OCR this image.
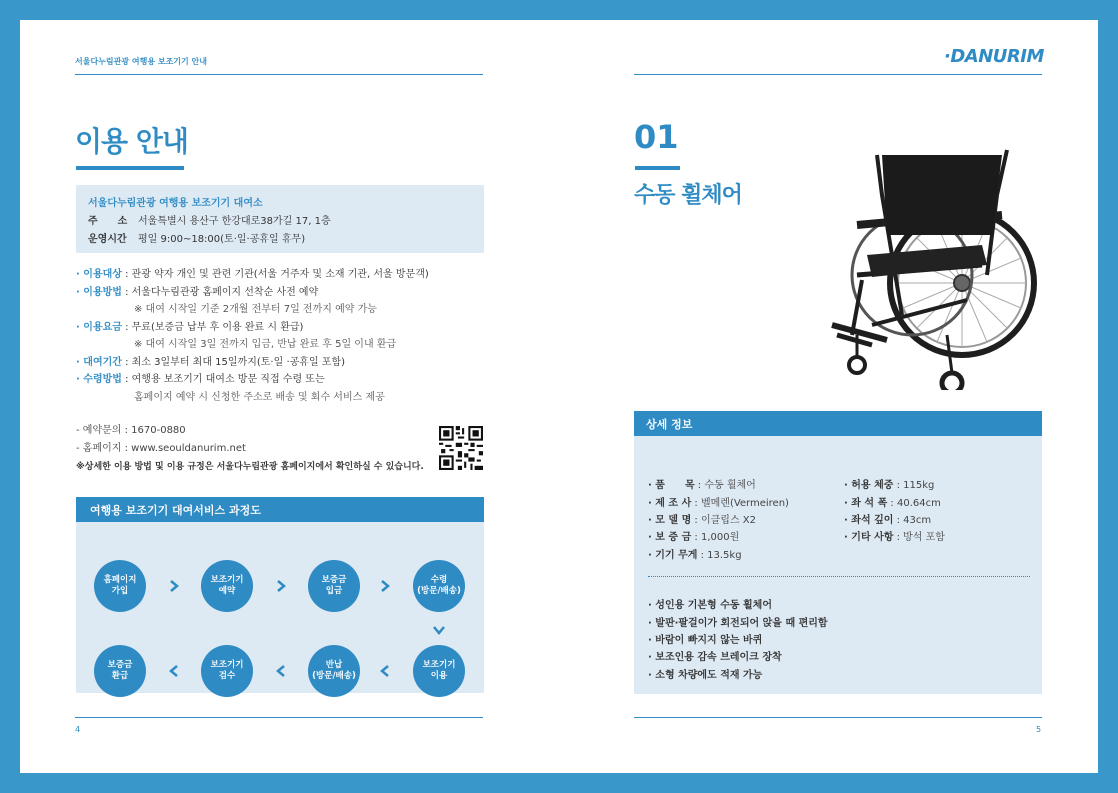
서울다누림관광 여행용 보조기기 안내
이용 안내
서울다누림관광 여행용 보조기기 대여소
주　　소 서울특별시 용산구 한강대로38가길 17, 1층
운영시간 평일 9:00~18:00(토·일·공휴일 휴무)
· 이용대상 : 관광 약자 개인 및 관련 기관(서울 거주자 및 소재 기관, 서울 방문객)
· 이용방법 : 서울다누림관광 홈페이지 선착순 사전 예약
※ 대여 시작일 기준 2개월 전부터 7일 전까지 예약 가능
· 이용요금 : 무료(보증금 납부 후 이용 완료 시 환급)
※ 대여 시작일 3일 전까지 입금, 반납 완료 후 5일 이내 환급
· 대여기간 : 최소 3일부터 최대 15일까지(토·일 ·공휴일 포함)
· 수령방법 : 여행용 보조기기 대여소 방문 직접 수령 또는
홈페이지 예약 시 신청한 주소로 배송 및 회수 서비스 제공
- 예약문의 : 1670-0880
- 홈페이지 : www.seouldanurim.net
※상세한 이용 방법 및 이용 규정은 서울다누림관광 홈페이지에서 확인하실 수 있습니다.
여행용 보조기기 대여서비스 과정도
홈페이지
가입
보조기기
예약
보증금
입금
수령
(방문/배송)
보증금
환급
보조기기
검수
반납
(방문/배송)
보조기기
이용
4
·DANURIM
01
수동 휠체어
상세 정보
· 품　　목 : 수동 휠체어
· 제 조 사 : 벨메렌(Vermeiren)
· 모 델 명 : 이클립스 X2
· 보 증 금 : 1,000원
· 기기 무게 : 13.5kg
· 허용 체중 : 115kg
· 좌 석 폭 : 40.64cm
· 좌석 깊이 : 43cm
· 기타 사항 : 방석 포함
· 성인용 기본형 수동 휠체어
· 발판·팔걸이가 회전되어 앉을 때 편리함
· 바람이 빠지지 않는 바퀴
· 보조인용 감속 브레이크 장착
· 소형 차량에도 적재 가능
5
